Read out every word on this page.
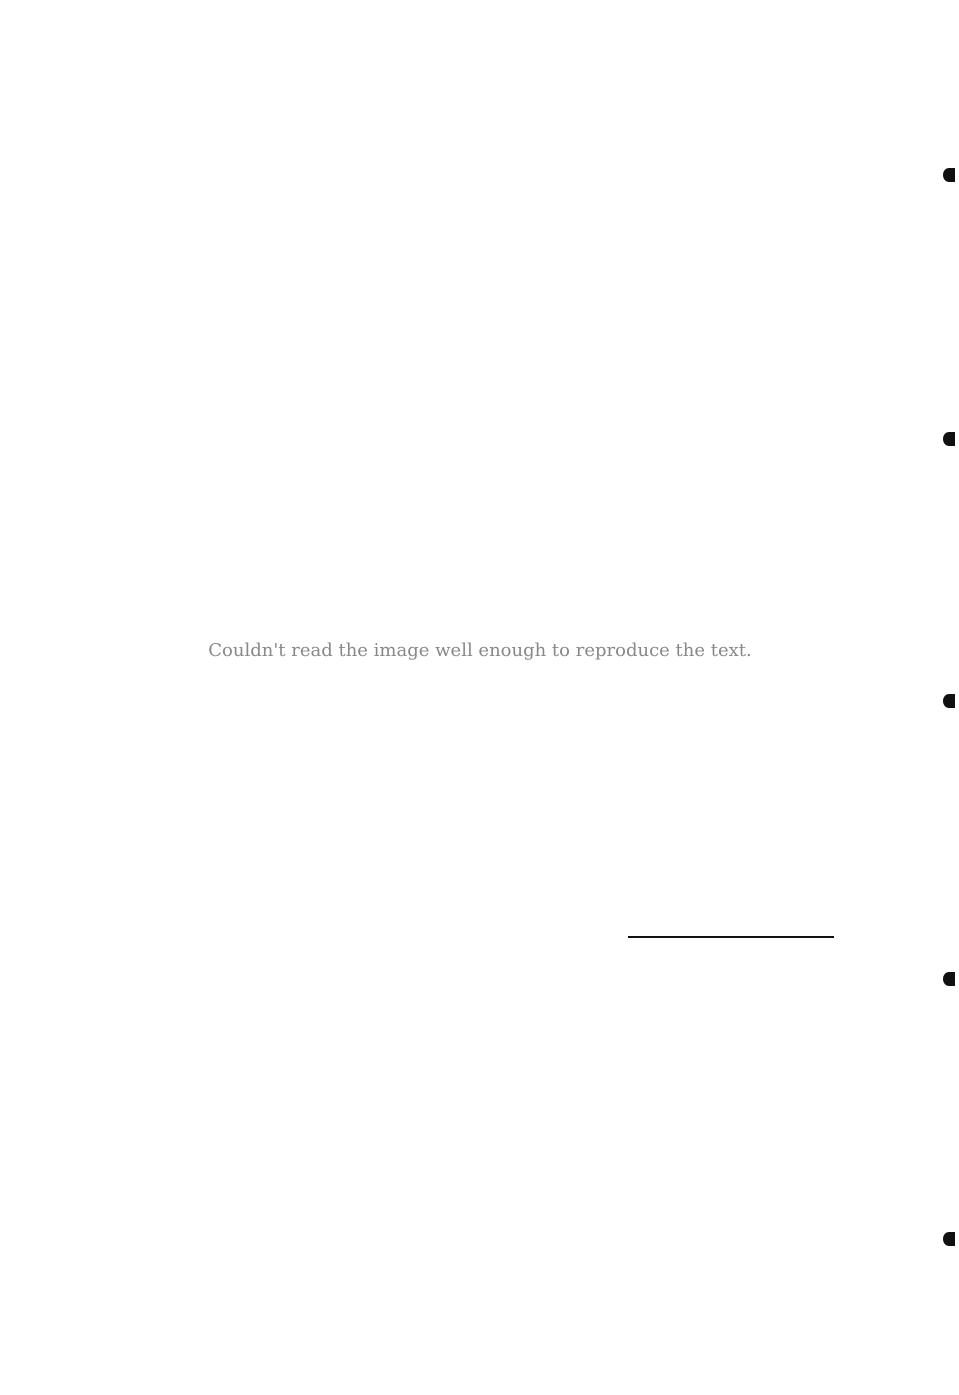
Couldn't read the image well enough to reproduce the text.
